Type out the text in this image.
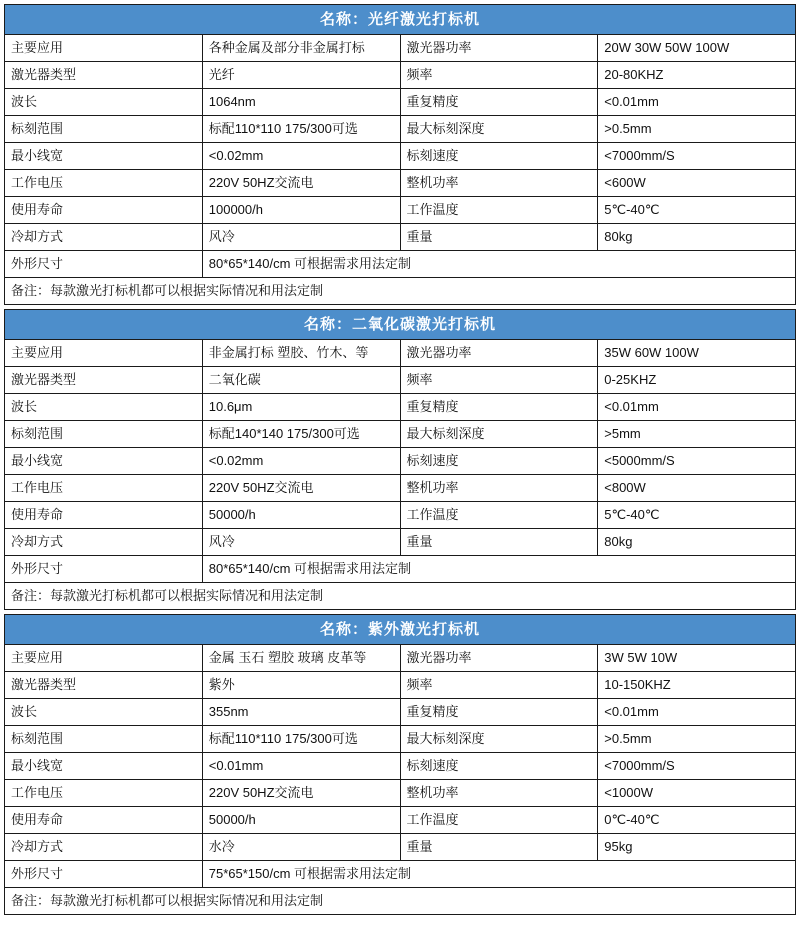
名称：光纤激光打标机			
主要应用	各种金属及部分非金属打标	激光器功率	20W 30W 50W 100W
激光器类型	光纤	频率	20-80KHZ
波长	1064nm	重复精度	<0.01mm
标刻范围	标配110*110 175/300可选	最大标刻深度	>0.5mm
最小线宽	<0.02mm	标刻速度	<7000mm/S
工作电压	220V 50HZ交流电	整机功率	<600W
使用寿命	100000/h	工作温度	5℃-40℃
冷却方式	风冷	重量	80kg
外形尺寸	80*65*140/cm 可根据需求用法定制		
备注：每款激光打标机都可以根据实际情况和用法定制			
名称：二氧化碳激光打标机			
主要应用	非金属打标 塑胶、竹木、等	激光器功率	35W 60W 100W
激光器类型	二氧化碳	频率	0-25KHZ
波长	10.6μm	重复精度	<0.01mm
标刻范围	标配140*140 175/300可选	最大标刻深度	>5mm
最小线宽	<0.02mm	标刻速度	<5000mm/S
工作电压	220V 50HZ交流电	整机功率	<800W
使用寿命	50000/h	工作温度	5℃-40℃
冷却方式	风冷	重量	80kg
外形尺寸	80*65*140/cm 可根据需求用法定制		
备注：每款激光打标机都可以根据实际情况和用法定制			
名称：紫外激光打标机			
主要应用	金属 玉石 塑胶 玻璃 皮革等	激光器功率	3W 5W 10W
激光器类型	紫外	频率	10-150KHZ
波长	355nm	重复精度	<0.01mm
标刻范围	标配110*110 175/300可选	最大标刻深度	>0.5mm
最小线宽	<0.01mm	标刻速度	<7000mm/S
工作电压	220V 50HZ交流电	整机功率	<1000W
使用寿命	50000/h	工作温度	0℃-40℃
冷却方式	水冷	重量	95kg
外形尺寸	75*65*150/cm 可根据需求用法定制		
备注：每款激光打标机都可以根据实际情况和用法定制			
